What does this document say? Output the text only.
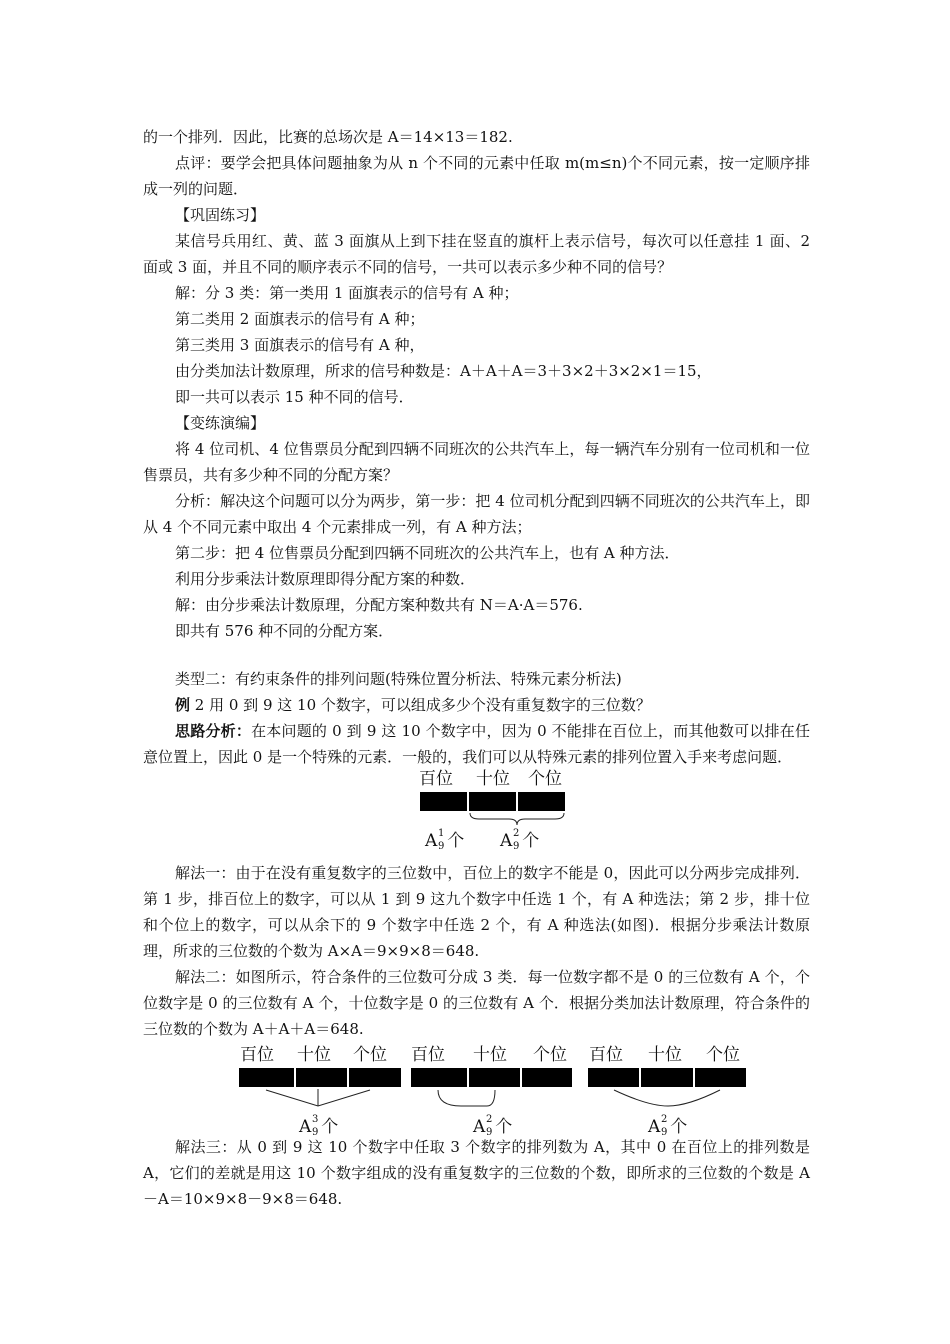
的一个排列．因此，比赛的总场次是 A＝14×13＝182.

点评：要学会把具体问题抽象为从 n 个不同的元素中任取 m(m≤n)个不同元素，按一定顺序排成一列的问题．

【巩固练习】

某信号兵用红、黄、蓝 3 面旗从上到下挂在竖直的旗杆上表示信号，每次可以任意挂 1 面、2 面或 3 面，并且不同的顺序表示不同的信号，一共可以表示多少种不同的信号？

解：分 3 类：第一类用 1 面旗表示的信号有 A 种；

第二类用 2 面旗表示的信号有 A 种；

第三类用 3 面旗表示的信号有 A 种，

由分类加法计数原理，所求的信号种数是：A＋A＋A＝3＋3×2＋3×2×1＝15，

即一共可以表示 15 种不同的信号．

【变练演编】

将 4 位司机、4 位售票员分配到四辆不同班次的公共汽车上，每一辆汽车分别有一位司机和一位售票员，共有多少种不同的分配方案？

分析：解决这个问题可以分为两步，第一步：把 4 位司机分配到四辆不同班次的公共汽车上，即从 4 个不同元素中取出 4 个元素排成一列，有 A 种方法；

第二步：把 4 位售票员分配到四辆不同班次的公共汽车上，也有 A 种方法．

利用分步乘法计数原理即得分配方案的种数．

解：由分步乘法计数原理，分配方案种数共有 N＝A·A＝576.

即共有 576 种不同的分配方案．

类型二：有约束条件的排列问题(特殊位置分析法、特殊元素分析法)

例 2 用 0 到 9 这 10 个数字，可以组成多少个没有重复数字的三位数？

思路分析：在本问题的 0 到 9 这 10 个数字中，因为 0 不能排在百位上，而其他数可以排在任意位置上，因此 0 是一个特殊的元素．一般的，我们可以从特殊元素的排列位置入手来考虑问题．

百位 十位 个位
A 1
9 个 A 2
9 个

解法一：由于在没有重复数字的三位数中，百位上的数字不能是 0，因此可以分两步完成排列．第 1 步，排百位上的数字，可以从 1 到 9 这九个数字中任选 1 个，有 A 种选法；第 2 步，排十位和个位上的数字，可以从余下的 9 个数字中任选 2 个，有 A 种选法(如图)．根据分步乘法计数原理，所求的三位数的个数为 A×A＝9×9×8＝648.

解法二：如图所示，符合条件的三位数可分成 3 类．每一位数字都不是 0 的三位数有 A 个，个位数字是 0 的三位数有 A 个，十位数字是 0 的三位数有 A 个．根据分类加法计数原理，符合条件的三位数的个数为 A＋A＋A＝648.

百位 十位 个位 百位 十位 个位 百位 十位 个位
A 3
9 个	A 2
9 个	A 2
9 个

解法三：从 0 到 9 这 10 个数字中任取 3 个数字的排列数为 A，其中 0 在百位上的排列数是 A，它们的差就是用这 10 个数字组成的没有重复数字的三位数的个数，即所求的三位数的个数是 A－A＝10×9×8－9×8＝648.
